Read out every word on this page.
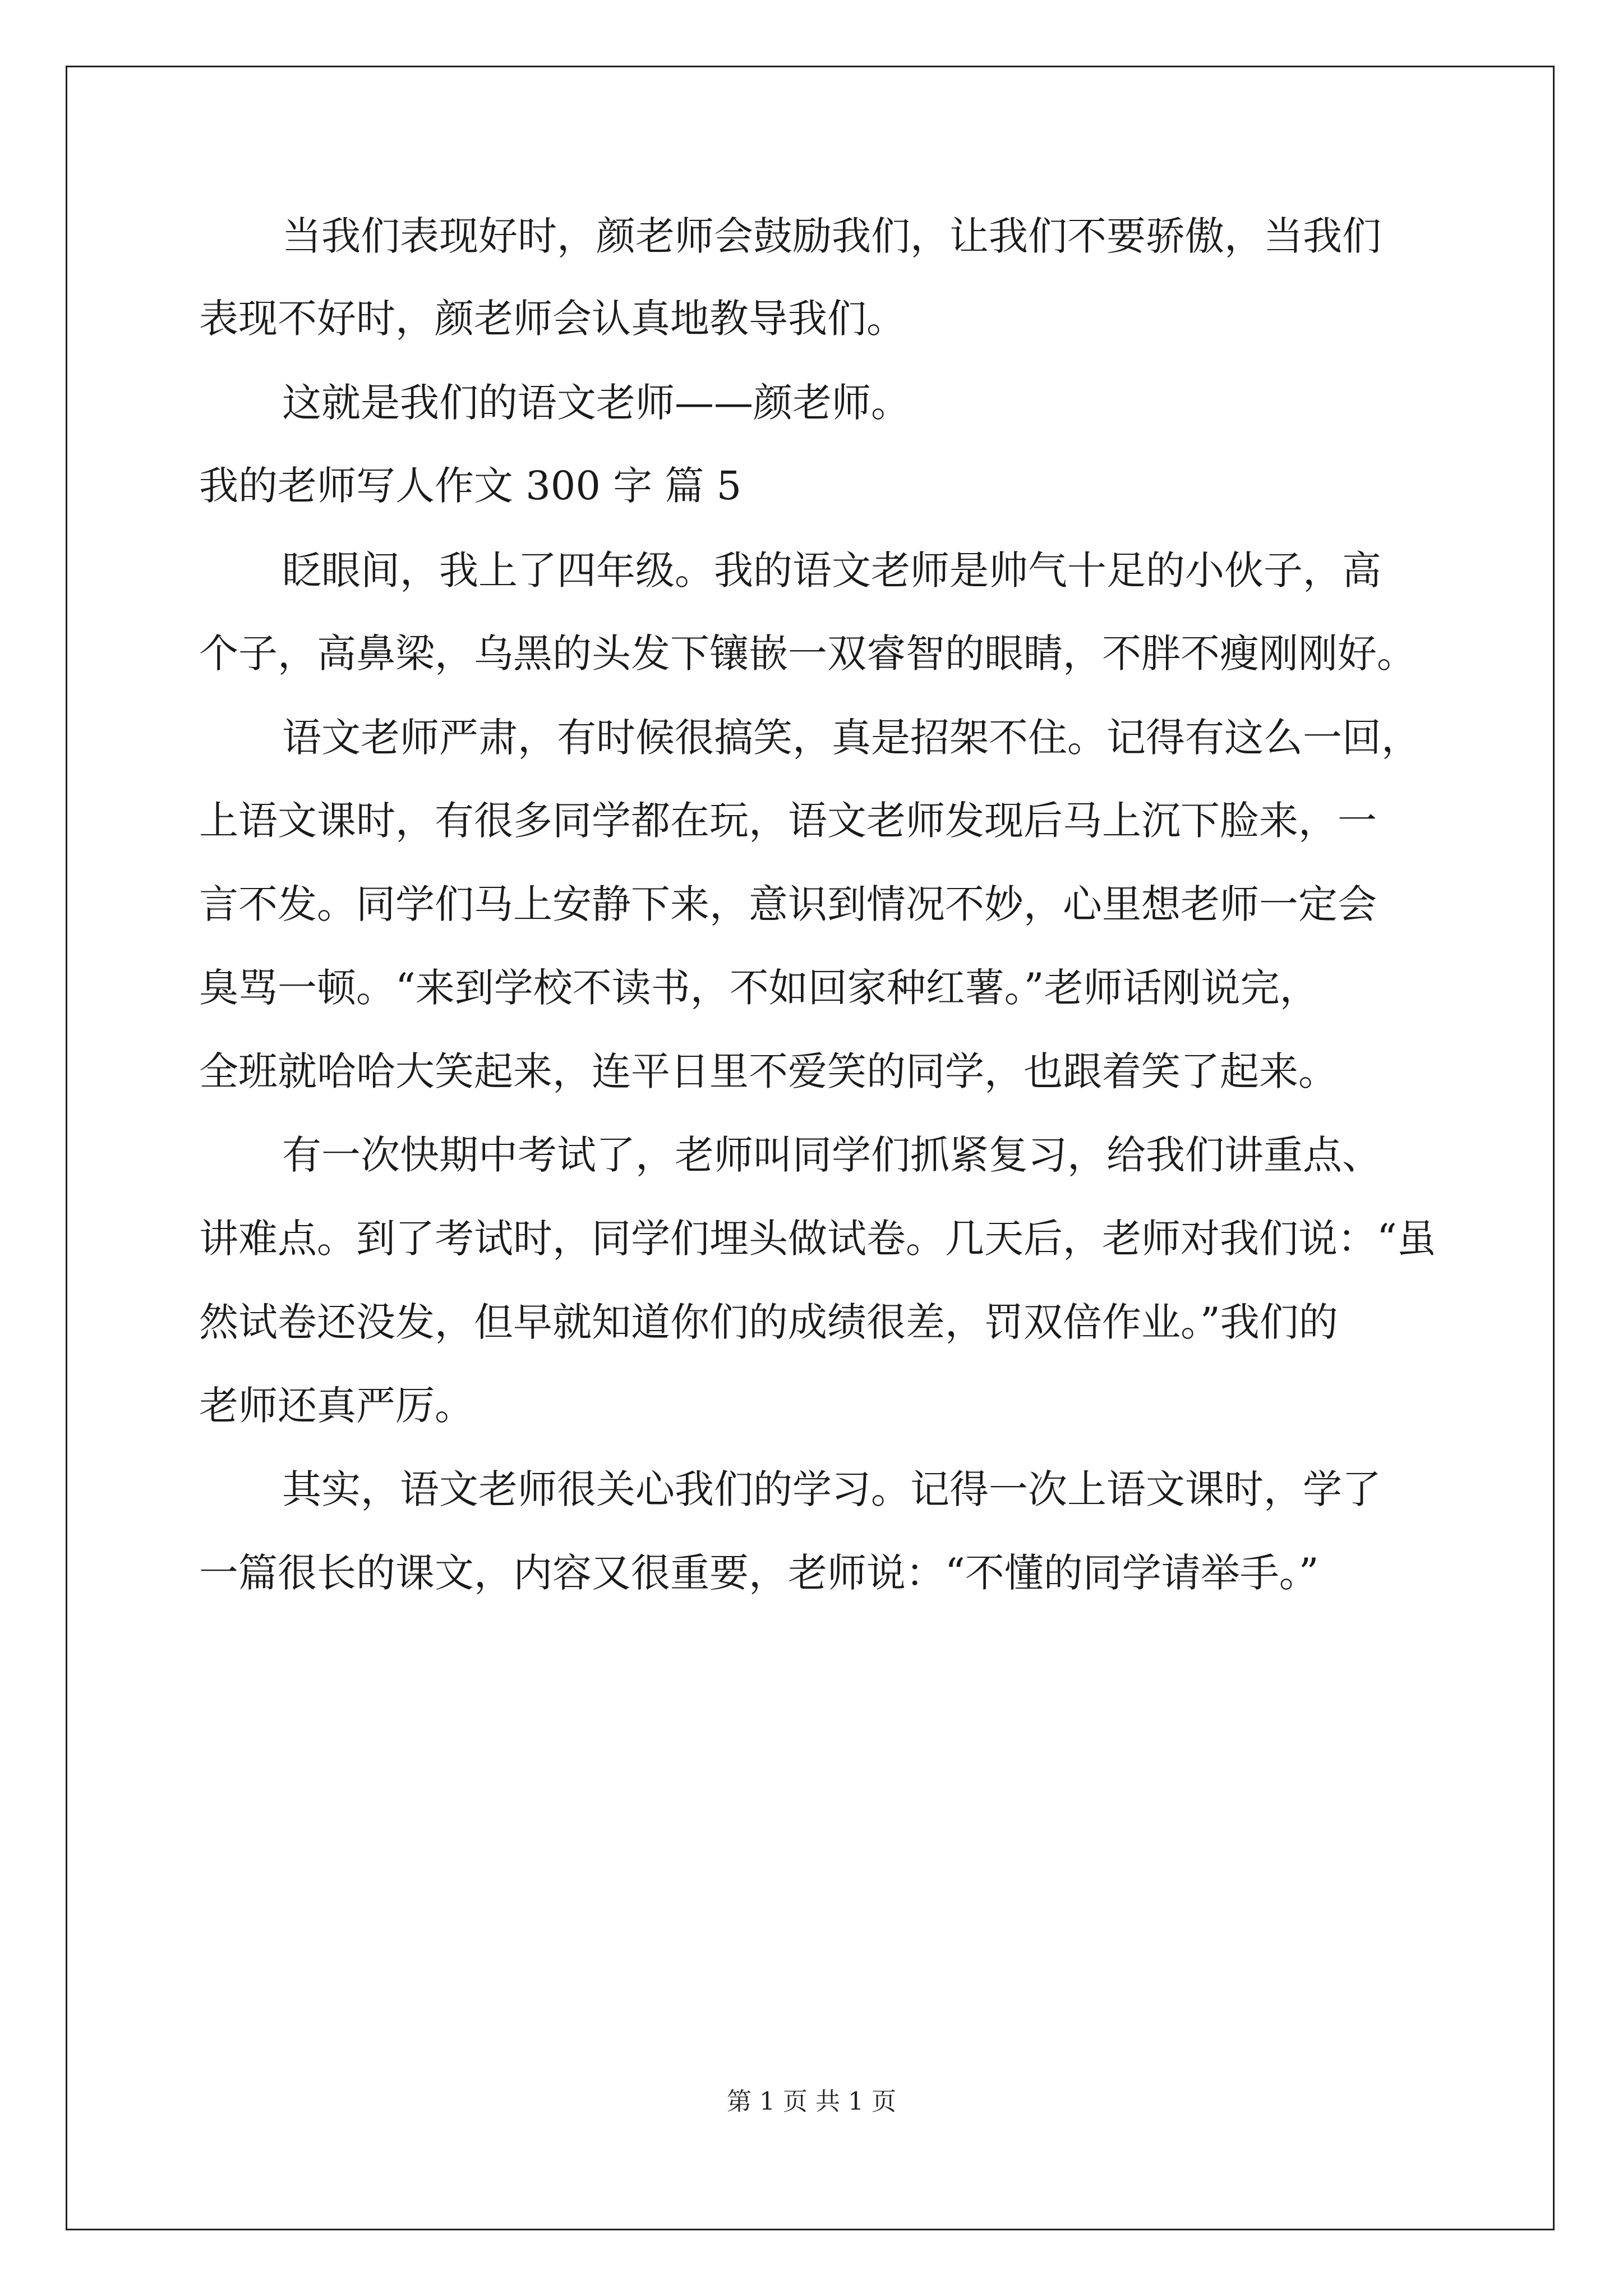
当我们表现好时，颜老师会鼓励我们，让我们不要骄傲，当我们
表现不好时，颜老师会认真地教导我们。
这就是我们的语文老师——颜老师。
我的老师写人作文 300 字 篇 5
眨眼间，我上了四年级。我的语文老师是帅气十足的小伙子，高
个子，高鼻梁，乌黑的头发下镶嵌一双睿智的眼睛，不胖不瘦刚刚好。
语文老师严肃，有时候很搞笑，真是招架不住。记得有这么一回，
上语文课时，有很多同学都在玩，语文老师发现后马上沉下脸来，一
言不发。同学们马上安静下来，意识到情况不妙，心里想老师一定会
臭骂一顿。“来到学校不读书，不如回家种红薯。”老师话刚说完，
全班就哈哈大笑起来，连平日里不爱笑的同学，也跟着笑了起来。
有一次快期中考试了，老师叫同学们抓紧复习，给我们讲重点、
讲难点。到了考试时，同学们埋头做试卷。几天后，老师对我们说：“虽
然试卷还没发，但早就知道你们的成绩很差，罚双倍作业。”我们的
老师还真严厉。
其实，语文老师很关心我们的学习。记得一次上语文课时，学了
一篇很长的课文，内容又很重要，老师说：“不懂的同学请举手。”
第 1 页 共 1 页
